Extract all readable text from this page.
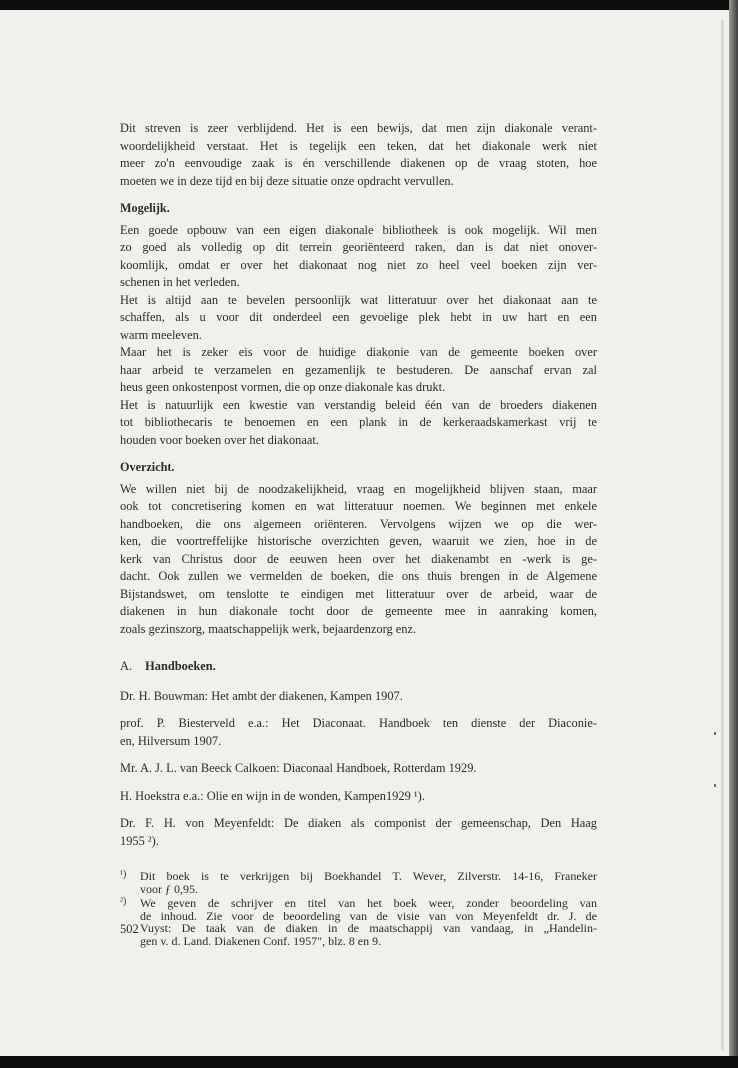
Dit streven is zeer verblijdend. Het is een bewijs, dat men zijn diakonale verant-
woordelijkheid verstaat. Het is tegelijk een teken, dat het diakonale werk niet
meer zo'n eenvoudige zaak is én verschillende diakenen op de vraag stoten, hoe
moeten we in deze tijd en bij deze situatie onze opdracht vervullen.

Mogelijk.

Een goede opbouw van een eigen diakonale bibliotheek is ook mogelijk. Wil men
zo goed als volledig op dit terrein georiënteerd raken, dan is dat niet onover-
koomlijk, omdat er over het diakonaat nog niet zo heel veel boeken zijn ver-
schenen in het verleden.

Het is altijd aan te bevelen persoonlijk wat litteratuur over het diakonaat aan te
schaffen, als u voor dit onderdeel een gevoelige plek hebt in uw hart en een
warm meeleven.

Maar het is zeker eis voor de huidige diakonie van de gemeente boeken over
haar arbeid te verzamelen en gezamenlijk te bestuderen. De aanschaf ervan zal
heus geen onkostenpost vormen, die op onze diakonale kas drukt.

Het is natuurlijk een kwestie van verstandig beleid één van de broeders diakenen
tot bibliothecaris te benoemen en een plank in de kerkeraadskamerkast vrij te
houden voor boeken over het diakonaat.

Overzicht.

We willen niet bij de noodzakelijkheid, vraag en mogelijkheid blijven staan, maar
ook tot concretisering komen en wat litteratuur noemen. We beginnen met enkele
handboeken, die ons algemeen oriënteren. Vervolgens wijzen we op die wer-
ken, die voortreffelijke historische overzichten geven, waaruit we zien, hoe in de
kerk van Christus door de eeuwen heen over het diakenambt en -werk is ge-
dacht. Ook zullen we vermelden de boeken, die ons thuis brengen in de Algemene
Bijstandswet, om tenslotte te eindigen met litteratuur over de arbeid, waar de
diakenen in hun diakonale tocht door de gemeente mee in aanraking komen,
zoals gezinszorg, maatschappelijk werk, bejaardenzorg enz.

A. Handboeken.

Dr. H. Bouwman: Het ambt der diakenen, Kampen 1907.

prof. P. Biesterveld e.a.: Het Diaconaat. Handboek ten dienste der Diaconie-
en, Hilversum 1907.

Mr. A. J. L. van Beeck Calkoen: Diaconaal Handboek, Rotterdam 1929.

H. Hoekstra e.a.: Olie en wijn in de wonden, Kampen1929 ¹).

Dr. F. H. von Meyenfeldt: De diaken als componist der gemeenschap, Den Haag
1955 ²).

¹) Dit boek is te verkrijgen bij Boekhandel T. Wever, Zilverstr. 14-16, Franeker
voor ƒ 0,95.
²) We geven de schrijver en titel van het boek weer, zonder beoordeling van
de inhoud. Zie voor de beoordeling van de visie van von Meyenfeldt dr. J. de
Vuyst: De taak van de diaken in de maatschappij van vandaag, in „Handelin-
gen v. d. Land. Diakenen Conf. 1957", blz. 8 en 9.
502
